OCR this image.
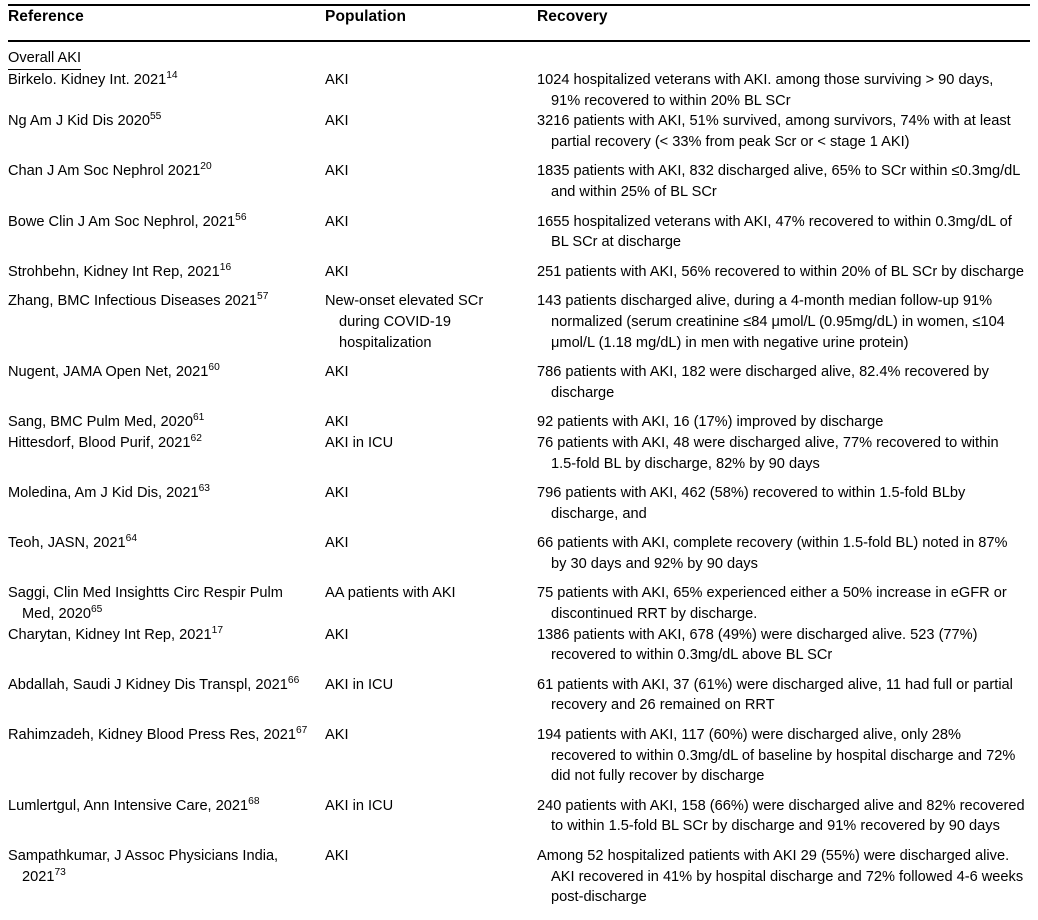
Reference	Population	Recovery
Overall AKI		
Birkelo. Kidney Int. 2021$^{14}$	AKI	1024 hospitalized veterans with AKI. among those surviving > 90 days, 91% recovered to within 20% BL SCr
Ng Am J Kid Dis 2020$^{55}$	AKI	3216 patients with AKI, 51% survived, among survivors, 74% with at least partial recovery (< 33% from peak Scr or < stage 1 AKI)
Chan J Am Soc Nephrol 2021$^{20}$	AKI	1835 patients with AKI, 832 discharged alive, 65% to SCr within ≤0.3mg/dL and within 25% of BL SCr
Bowe Clin J Am Soc Nephrol, 2021$^{56}$	AKI	1655 hospitalized veterans with AKI, 47% recovered to within 0.3mg/dL of BL SCr at discharge
Strohbehn, Kidney Int Rep, 2021$^{16}$	AKI	251 patients with AKI, 56% recovered to within 20% of BL SCr by discharge
Zhang, BMC Infectious Diseases 2021$^{57}$	New-onset elevated SCr during COVID-19 hospitalization	143 patients discharged alive, during a 4-month median follow-up 91% normalized (serum creatinine ≤84 μmol/L (0.95mg/dL) in women, ≤104 μmol/L (1.18 mg/dL) in men with negative urine protein)
Nugent, JAMA Open Net, 2021$^{60}$	AKI	786 patients with AKI, 182 were discharged alive, 82.4% recovered by discharge
Sang, BMC Pulm Med, 2020$^{61}$	AKI	92 patients with AKI, 16 (17%) improved by discharge
Hittesdorf, Blood Purif, 2021$^{62}$	AKI in ICU	76 patients with AKI, 48 were discharged alive, 77% recovered to within 1.5-fold BL by discharge, 82% by 90 days
Moledina, Am J Kid Dis, 2021$^{63}$	AKI	796 patients with AKI, 462 (58%) recovered to within 1.5-fold BLby discharge, and
Teoh, JASN, 2021$^{64}$	AKI	66 patients with AKI, complete recovery (within 1.5-fold BL) noted in 87% by 30 days and 92% by 90 days
Saggi, Clin Med Insightts Circ Respir Pulm Med, 2020$^{65}$	AA patients with AKI	75 patients with AKI, 65% experienced either a 50% increase in eGFR or discontinued RRT by discharge.
Charytan, Kidney Int Rep, 2021$^{17}$	AKI	1386 patients with AKI, 678 (49%) were discharged alive. 523 (77%) recovered to within 0.3mg/dL above BL SCr
Abdallah, Saudi J Kidney Dis Transpl, 2021$^{66}$	AKI in ICU	61 patients with AKI, 37 (61%) were discharged alive, 11 had full or partial recovery and 26 remained on RRT
Rahimzadeh, Kidney Blood Press Res, 2021$^{67}$	AKI	194 patients with AKI, 117 (60%) were discharged alive, only 28% recovered to within 0.3mg/dL of baseline by hospital discharge and 72% did not fully recover by discharge
Lumlertgul, Ann Intensive Care, 2021$^{68}$	AKI in ICU	240 patients with AKI, 158 (66%) were discharged alive and 82% recovered to within 1.5-fold BL SCr by discharge and 91% recovered by 90 days
Sampathkumar, J Assoc Physicians India, 2021$^{73}$	AKI	Among 52 hospitalized patients with AKI 29 (55%) were discharged alive. AKI recovered in 41% by hospital discharge and 72% followed 4-6 weeks post-discharge
